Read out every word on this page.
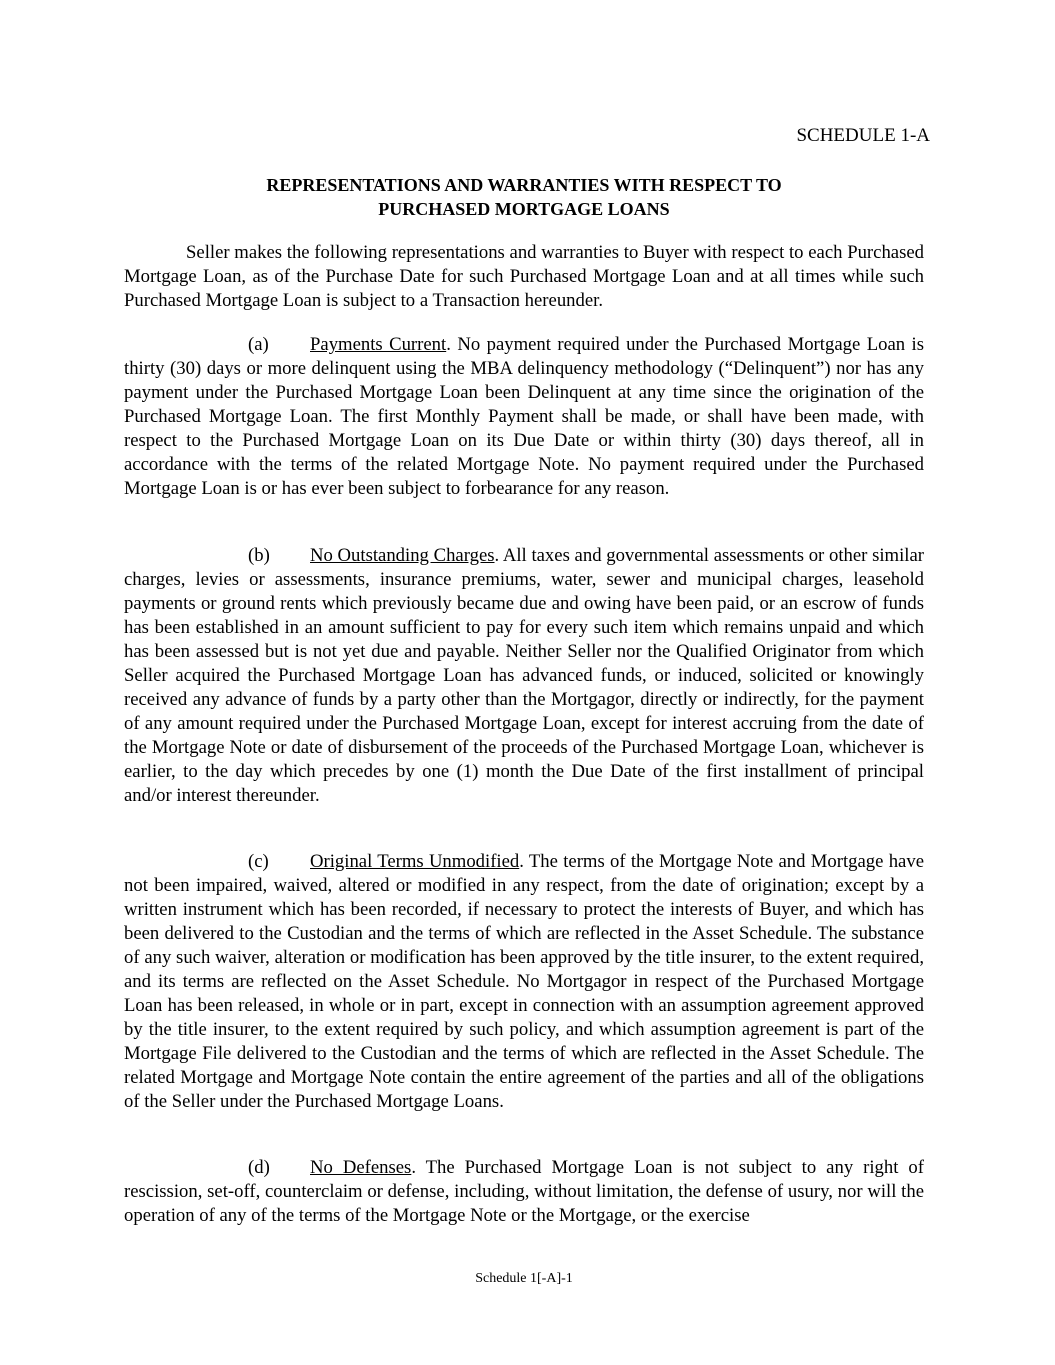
SCHEDULE 1-A
REPRESENTATIONS AND WARRANTIES WITH RESPECT TO
PURCHASED MORTGAGE LOANS

Seller makes the following representations and warranties to Buyer with respect to each Purchased Mortgage Loan, as of the Purchase Date for such Purchased Mortgage Loan and at all times while such Purchased Mortgage Loan is subject to a Transaction hereunder.

(a) Payments Current. No payment required under the Purchased Mortgage Loan is thirty (30) days or more delinquent using the MBA delinquency methodology (“Delinquent”) nor has any payment under the Purchased Mortgage Loan been Delinquent at any time since the origination of the Purchased Mortgage Loan. The first Monthly Payment shall be made, or shall have been made, with respect to the Purchased Mortgage Loan on its Due Date or within thirty (30) days thereof, all in accordance with the terms of the related Mortgage Note. No payment required under the Purchased Mortgage Loan is or has ever been subject to forbearance for any reason.

(b) No Outstanding Charges. All taxes and governmental assessments or other similar charges, levies or assessments, insurance premiums, water, sewer and municipal charges, leasehold payments or ground rents which previously became due and owing have been paid, or an escrow of funds has been established in an amount sufficient to pay for every such item which remains unpaid and which has been assessed but is not yet due and payable. Neither Seller nor the Qualified Originator from which Seller acquired the Purchased Mortgage Loan has advanced funds, or induced, solicited or knowingly received any advance of funds by a party other than the Mortgagor, directly or indirectly, for the payment of any amount required under the Purchased Mortgage Loan, except for interest accruing from the date of the Mortgage Note or date of disbursement of the proceeds of the Purchased Mortgage Loan, whichever is earlier, to the day which precedes by one (1) month the Due Date of the first installment of principal and/or interest thereunder.

(c) Original Terms Unmodified. The terms of the Mortgage Note and Mortgage have not been impaired, waived, altered or modified in any respect, from the date of origination; except by a written instrument which has been recorded, if necessary to protect the interests of Buyer, and which has been delivered to the Custodian and the terms of which are reflected in the Asset Schedule. The substance of any such waiver, alteration or modification has been approved by the title insurer, to the extent required, and its terms are reflected on the Asset Schedule. No Mortgagor in respect of the Purchased Mortgage Loan has been released, in whole or in part, except in connection with an assumption agreement approved by the title insurer, to the extent required by such policy, and which assumption agreement is part of the Mortgage File delivered to the Custodian and the terms of which are reflected in the Asset Schedule. The related Mortgage and Mortgage Note contain the entire agreement of the parties and all of the obligations of the Seller under the Purchased Mortgage Loans.

(d) No Defenses. The Purchased Mortgage Loan is not subject to any right of rescission, set-off, counterclaim or defense, including, without limitation, the defense of usury, nor will the operation of any of the terms of the Mortgage Note or the Mortgage, or the exercise

Schedule 1[-A]-1
